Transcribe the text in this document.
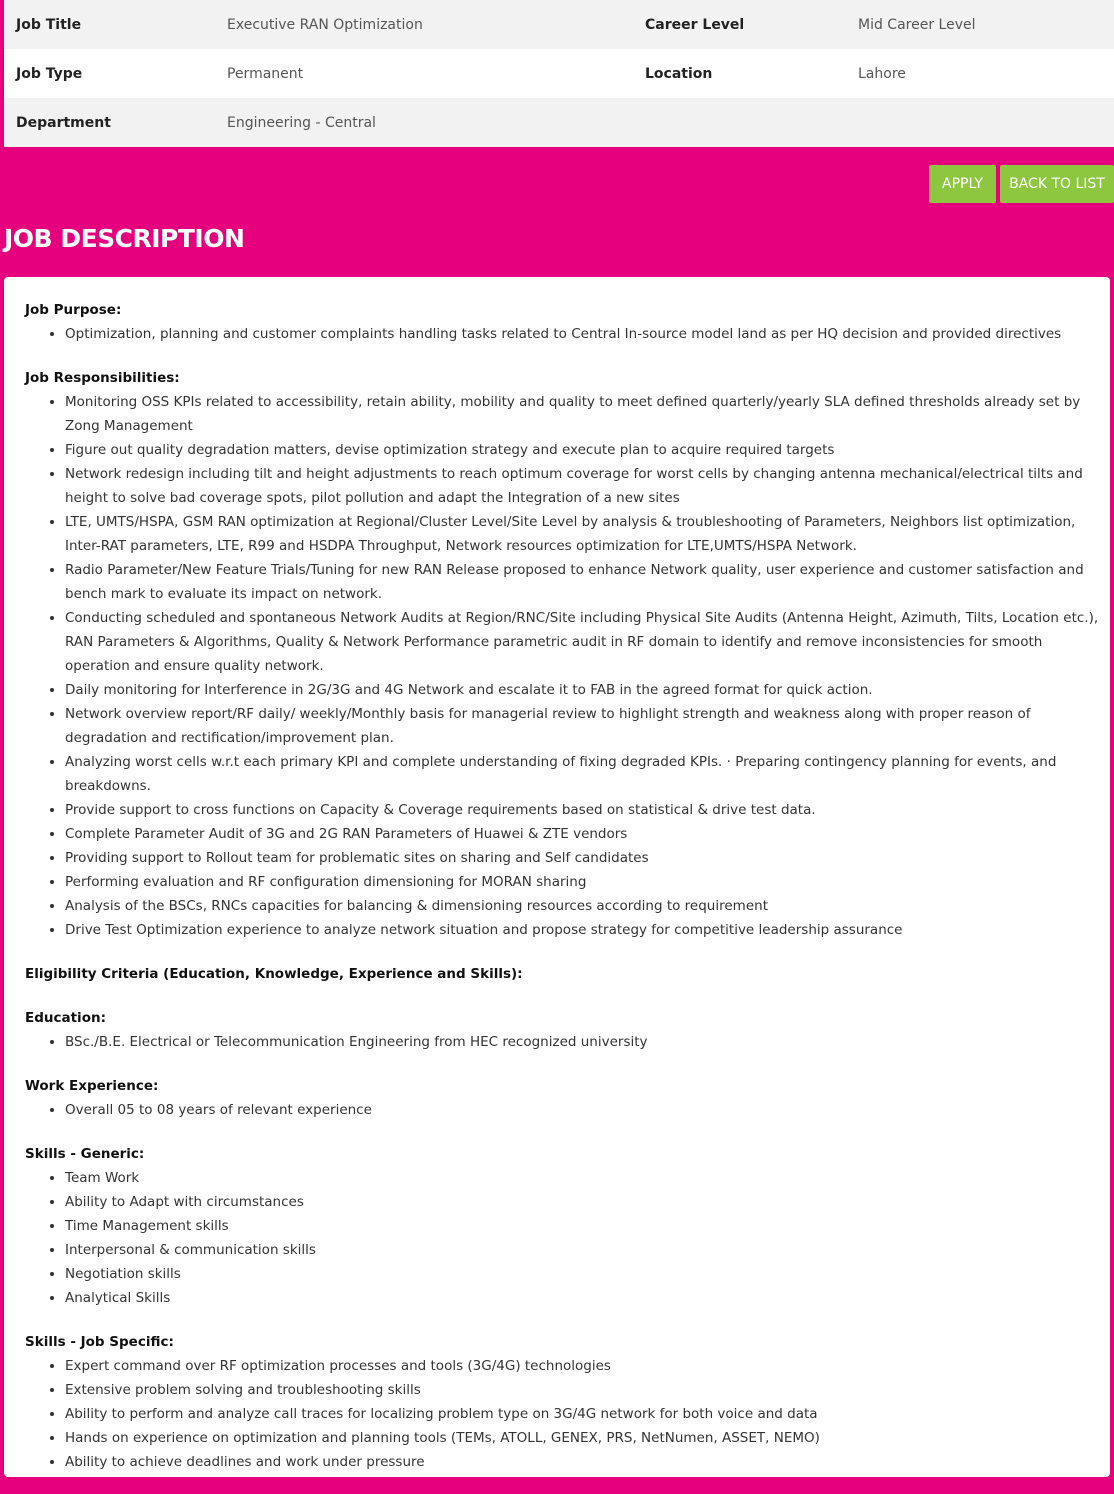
Job Title	Executive RAN Optimization	Career Level	Mid Career Level
Job Type	Permanent	Location	Lahore
Department	Engineering - Central		
APPLY	BACK TO LIST
JOB DESCRIPTION
Job Purpose:
• Optimization, planning and customer complaints handling tasks related to Central In-source model land as per HQ decision and provided directives
Job Responsibilities:
• Monitoring OSS KPIs related to accessibility, retain ability, mobility and quality to meet defined quarterly/yearly SLA defined thresholds already set by Zong Management
• Figure out quality degradation matters, devise optimization strategy and execute plan to acquire required targets
• Network redesign including tilt and height adjustments to reach optimum coverage for worst cells by changing antenna mechanical/electrical tilts and height to solve bad coverage spots, pilot pollution and adapt the Integration of a new sites
• LTE, UMTS/HSPA, GSM RAN optimization at Regional/Cluster Level/Site Level by analysis & troubleshooting of Parameters, Neighbors list optimization, Inter-RAT parameters, LTE, R99 and HSDPA Throughput, Network resources optimization for LTE,UMTS/HSPA Network.
• Radio Parameter/New Feature Trials/Tuning for new RAN Release proposed to enhance Network quality, user experience and customer satisfaction and bench mark to evaluate its impact on network.
• Conducting scheduled and spontaneous Network Audits at Region/RNC/Site including Physical Site Audits (Antenna Height, Azimuth, Tilts, Location etc.), RAN Parameters & Algorithms, Quality & Network Performance parametric audit in RF domain to identify and remove inconsistencies for smooth operation and ensure quality network.
• Daily monitoring for Interference in 2G/3G and 4G Network and escalate it to FAB in the agreed format for quick action.
• Network overview report/RF daily/ weekly/Monthly basis for managerial review to highlight strength and weakness along with proper reason of degradation and rectification/improvement plan.
• Analyzing worst cells w.r.t each primary KPI and complete understanding of fixing degraded KPIs. · Preparing contingency planning for events, and breakdowns.
• Provide support to cross functions on Capacity & Coverage requirements based on statistical & drive test data.
• Complete Parameter Audit of 3G and 2G RAN Parameters of Huawei & ZTE vendors
• Providing support to Rollout team for problematic sites on sharing and Self candidates
• Performing evaluation and RF configuration dimensioning for MORAN sharing
• Analysis of the BSCs, RNCs capacities for balancing & dimensioning resources according to requirement
• Drive Test Optimization experience to analyze network situation and propose strategy for competitive leadership assurance
Eligibility Criteria (Education, Knowledge, Experience and Skills):
Education:
• BSc./B.E. Electrical or Telecommunication Engineering from HEC recognized university
Work Experience:
• Overall 05 to 08 years of relevant experience
Skills - Generic:
• Team Work
• Ability to Adapt with circumstances
• Time Management skills
• Interpersonal & communication skills
• Negotiation skills
• Analytical Skills
Skills - Job Specific:
• Expert command over RF optimization processes and tools (3G/4G) technologies
• Extensive problem solving and troubleshooting skills
• Ability to perform and analyze call traces for localizing problem type on 3G/4G network for both voice and data
• Hands on experience on optimization and planning tools (TEMs, ATOLL, GENEX, PRS, NetNumen, ASSET, NEMO)
• Ability to achieve deadlines and work under pressure
